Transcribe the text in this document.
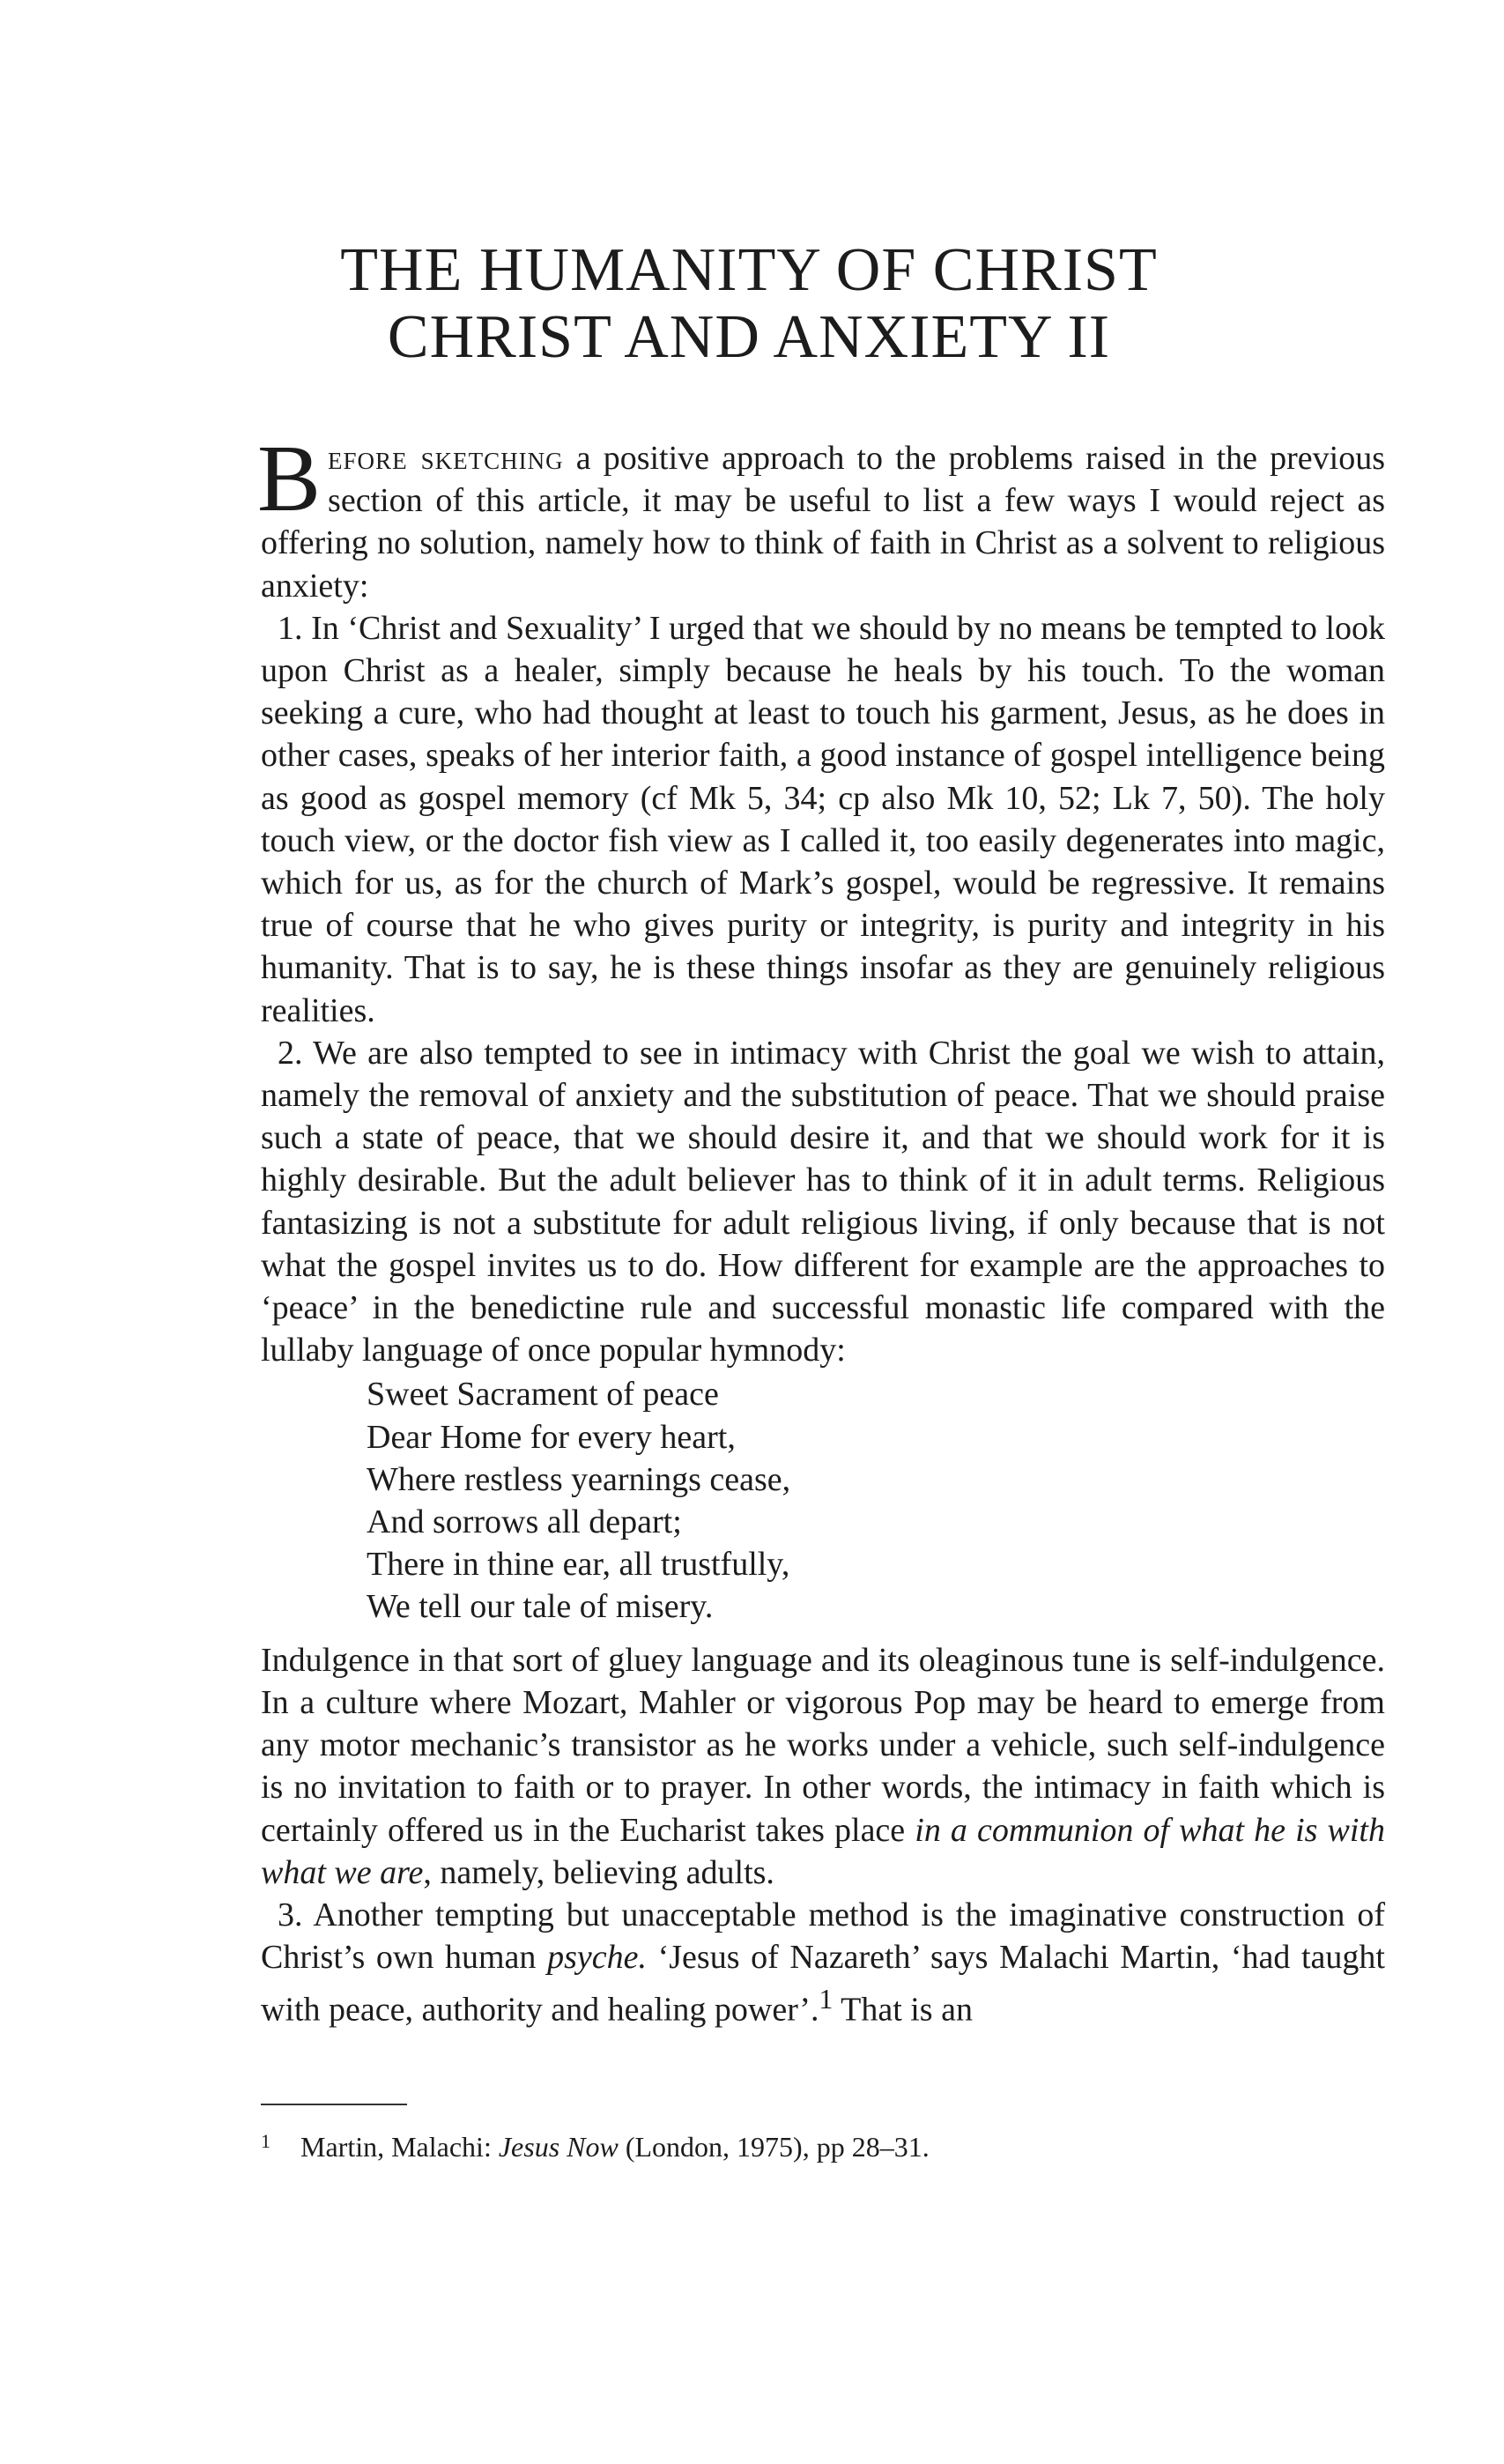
THE HUMANITY OF CHRIST
CHRIST AND ANXIETY II

Before sketching a positive approach to the problems raised in the previous section of this article, it may be useful to list a few ways I would reject as offering no solution, namely how to think of faith in Christ as a solvent to religious anxiety:

 1. In ‘Christ and Sexuality’ I urged that we should by no means be tempted to look upon Christ as a healer, simply because he heals by his touch. To the woman seeking a cure, who had thought at least to touch his garment, Jesus, as he does in other cases, speaks of her interior faith, a good instance of gospel intelligence being as good as gospel memory (cf Mk 5, 34; cp also Mk 10, 52; Lk 7, 50). The holy touch view, or the doctor fish view as I called it, too easily degenerates into magic, which for us, as for the church of Mark’s gospel, would be regressive. It remains true of course that he who gives purity or integrity, is purity and integrity in his humanity. That is to say, he is these things insofar as they are genuinely religious realities.

 2. We are also tempted to see in intimacy with Christ the goal we wish to attain, namely the removal of anxiety and the substitution of peace. That we should praise such a state of peace, that we should desire it, and that we should work for it is highly desirable. But the adult believer has to think of it in adult terms. Religious fantasizing is not a substitute for adult religious living, if only because that is not what the gospel invites us to do. How different for example are the approaches to ‘peace’ in the benedictine rule and successful monastic life compared with the lullaby language of once popular hymnody:

Sweet Sacrament of peace
Dear Home for every heart,
Where restless yearnings cease,
And sorrows all depart;
There in thine ear, all trustfully,
We tell our tale of misery.

Indulgence in that sort of gluey language and its oleaginous tune is self-indulgence. In a culture where Mozart, Mahler or vigorous Pop may be heard to emerge from any motor mechanic’s transistor as he works under a vehicle, such self-indulgence is no invitation to faith or to prayer. In other words, the intimacy in faith which is certainly offered us in the Eucharist takes place in a communion of what he is with what we are, namely, believing adults.

 3. Another tempting but unacceptable method is the imaginative construction of Christ’s own human psyche. ‘Jesus of Nazareth’ says Malachi Martin, ‘had taught with peace, authority and healing power’.$^1$ That is an

$^1$ Martin, Malachi: Jesus Now (London, 1975), pp 28–31.
